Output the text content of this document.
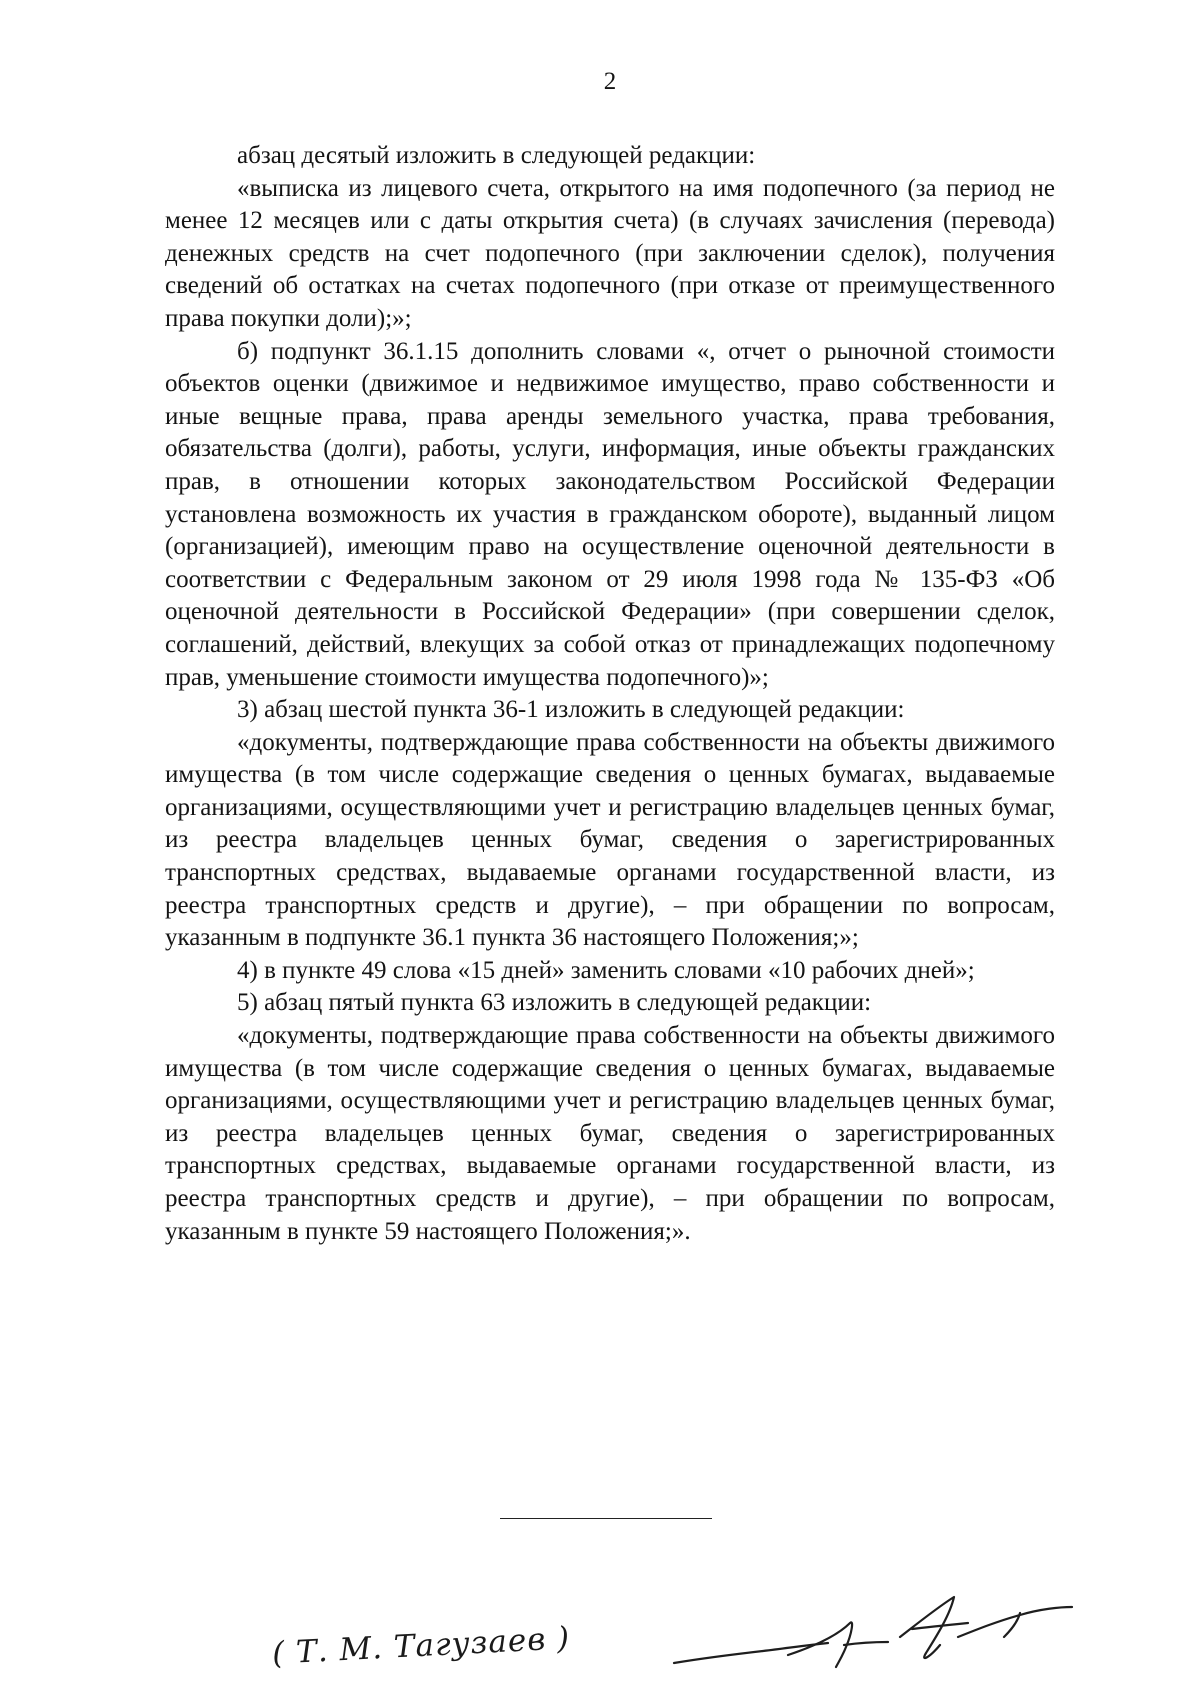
2

абзац десятый изложить в следующей редакции:

«выписка из лицевого счета, открытого на имя подопечного (за период не менее 12 месяцев или с даты открытия счета) (в случаях зачисления (перевода) денежных средств на счет подопечного (при заключении сделок), получения сведений об остатках на счетах подопечного (при отказе от преимущественного права покупки доли);»;

б) подпункт 36.1.15 дополнить словами «, отчет о рыночной стоимости объектов оценки (движимое и недвижимое имущество, право собственности и иные вещные права, права аренды земельного участка, права требования, обязательства (долги), работы, услуги, информация, иные объекты гражданских прав, в отношении которых законодательством Российской Федерации установлена возможность их участия в гражданском обороте), выданный лицом (организацией), имеющим право на осуществление оценочной деятельности в соответствии с Федеральным законом от 29 июля 1998 года № 135-ФЗ «Об оценочной деятельности в Российской Федерации» (при совершении сделок, соглашений, действий, влекущих за собой отказ от принадлежащих подопечному прав, уменьшение стоимости имущества подопечного)»;

3) абзац шестой пункта 36-1 изложить в следующей редакции:

«документы, подтверждающие права собственности на объекты движимого имущества (в том числе содержащие сведения о ценных бумагах, выдаваемые организациями, осуществляющими учет и регистрацию владельцев ценных бумаг, из реестра владельцев ценных бумаг, сведения о зарегистрированных транспортных средствах, выдаваемые органами государственной власти, из реестра транспортных средств и другие), – при обращении по вопросам, указанным в подпункте 36.1 пункта 36 настоящего Положения;»;

4) в пункте 49 слова «15 дней» заменить словами «10 рабочих дней»;

5) абзац пятый пункта 63 изложить в следующей редакции:

«документы, подтверждающие права собственности на объекты движимого имущества (в том числе содержащие сведения о ценных бумагах, выдаваемые организациями, осуществляющими учет и регистрацию владельцев ценных бумаг, из реестра владельцев ценных бумаг, сведения о зарегистрированных транспортных средствах, выдаваемые органами государственной власти, из реестра транспортных средств и другие), – при обращении по вопросам, указанным в пункте 59 настоящего Положения;».

( Т. М. Тагузаев )
